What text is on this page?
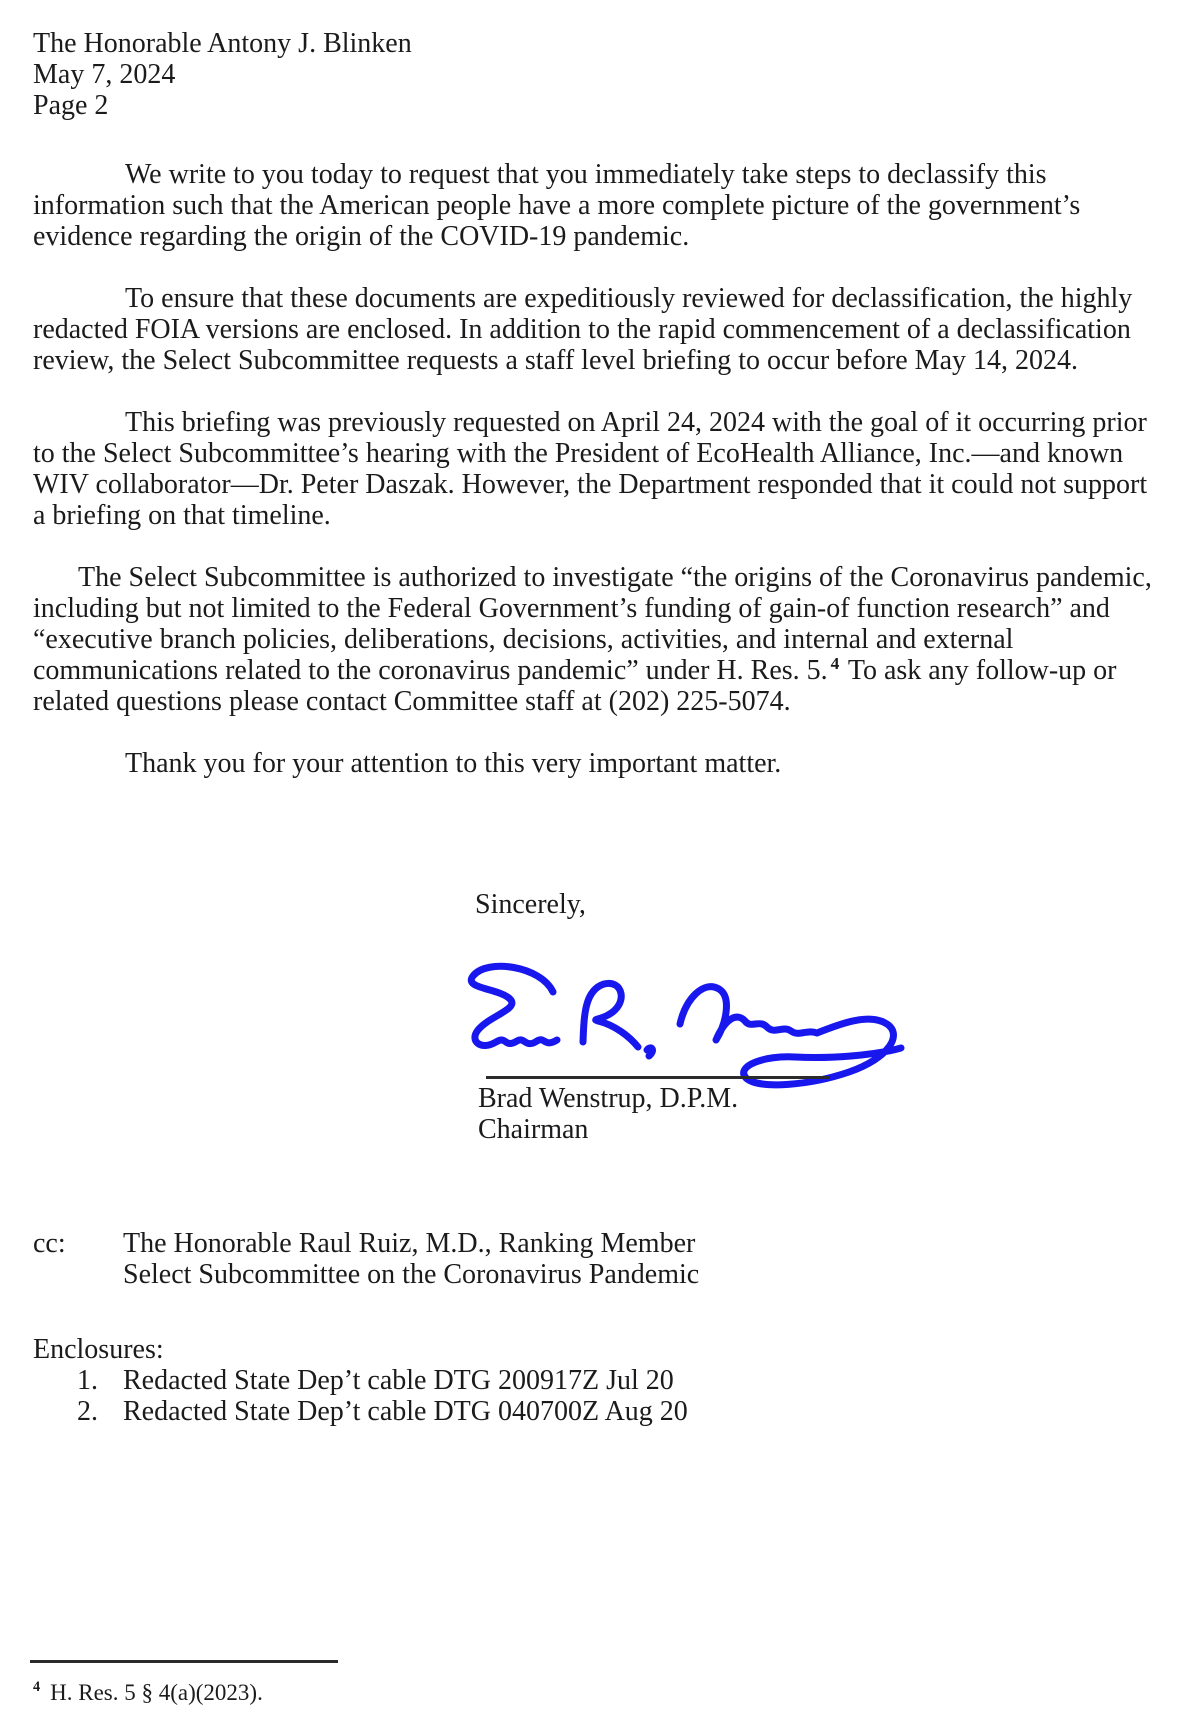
The Honorable Antony J. Blinken
May 7, 2024
Page 2

We write to you today to request that you immediately take steps to declassify this information such that the American people have a more complete picture of the government’s evidence regarding the origin of the COVID-19 pandemic.

To ensure that these documents are expeditiously reviewed for declassification, the highly redacted FOIA versions are enclosed. In addition to the rapid commencement of a declassification review, the Select Subcommittee requests a staff level briefing to occur before May 14, 2024.

This briefing was previously requested on April 24, 2024 with the goal of it occurring prior to the Select Subcommittee’s hearing with the President of EcoHealth Alliance, Inc.—and known WIV collaborator—Dr. Peter Daszak. However, the Department responded that it could not support a briefing on that timeline.

The Select Subcommittee is authorized to investigate “the origins of the Coronavirus pandemic, including but not limited to the Federal Government’s funding of gain-of function research” and “executive branch policies, deliberations, decisions, activities, and internal and external communications related to the coronavirus pandemic” under H. Res. 5. $^4$ To ask any follow-up or related questions please contact Committee staff at (202) 225-5074.

Thank you for your attention to this very important matter.

Sincerely,

Brad Wenstrup, D.P.M.
Chairman
cc:	The Honorable Raul Ruiz, M.D., Ranking Member
Select Subcommittee on the Coronavirus Pandemic
Enclosures:
1. Redacted State Dep’t cable DTG 200917Z Jul 20
2. Redacted State Dep’t cable DTG 040700Z Aug 20
$^4$ H. Res. 5 § 4(a)(2023).
